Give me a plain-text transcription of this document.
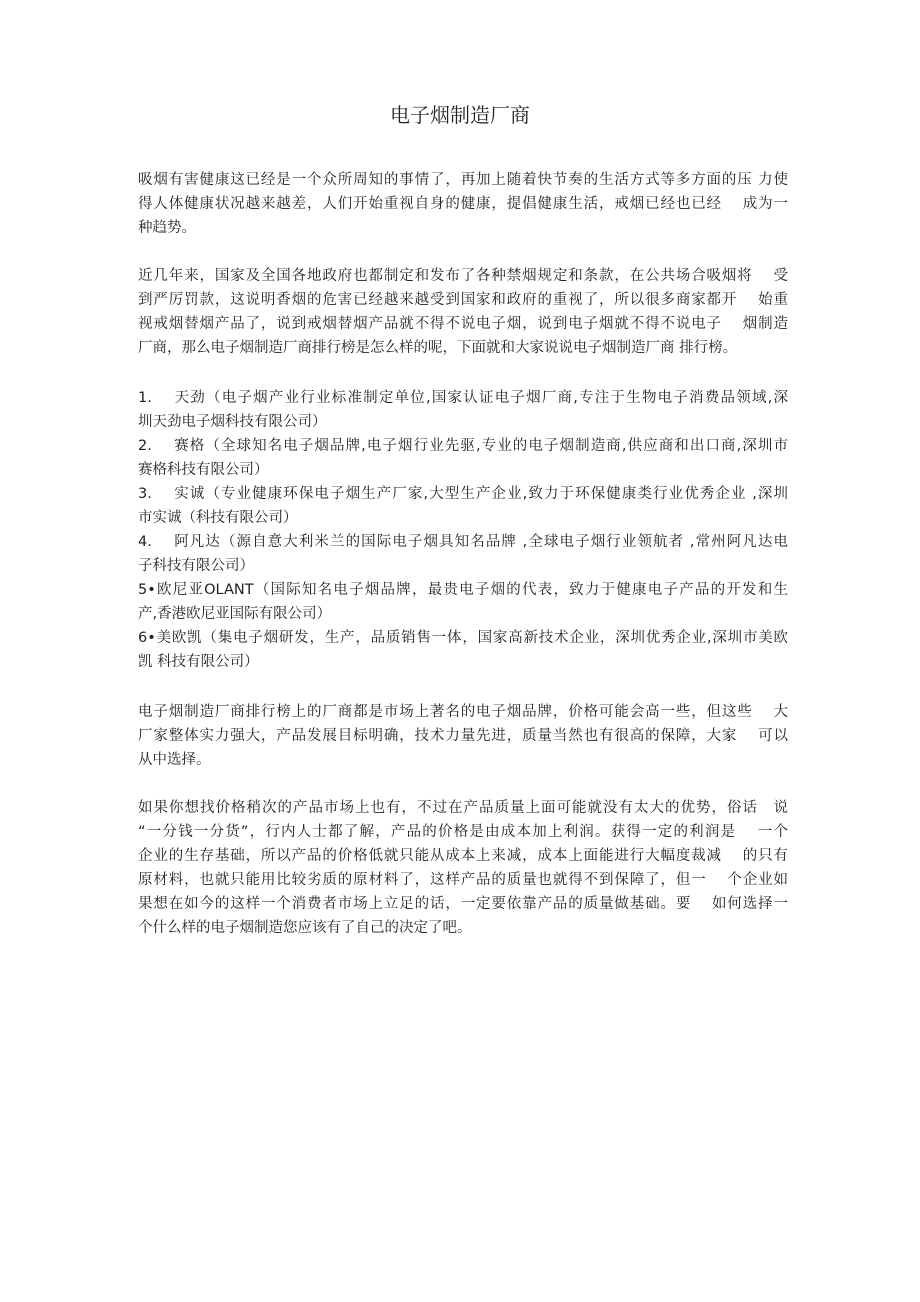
电子烟制造厂商
吸烟有害健康这已经是一个众所周知的事情了，再加上随着快节奏的生活方式等多方面的压 力使
得人体健康状况越来越差，人们开始重视自身的健康，提倡健康生活，戒烟已经也已经　 成为一
种趋势。
近几年来，国家及全国各地政府也都制定和发布了各种禁烟规定和条款，在公共场合吸烟将　 受
到严厉罚款，这说明香烟的危害已经越来越受到国家和政府的重视了，所以很多商家都开　 始重
视戒烟替烟产品了，说到戒烟替烟产品就不得不说电子烟，说到电子烟就不得不说电子　 烟制造
厂商，那么电子烟制造厂商排行榜是怎么样的呢，下面就和大家说说电子烟制造厂商 排行榜。
1.　 天劲（电子烟产业行业标准制定单位,国家认证电子烟厂商,专注于生物电子消费品领域,深
圳天劲电子烟科技有限公司）
2.　 赛格（全球知名电子烟品牌,电子烟行业先驱,专业的电子烟制造商,供应商和出口商,深圳市
赛格科技有限公司）
3.　 实诚（专业健康环保电子烟生产厂家,大型生产企业,致力于环保健康类行业优秀企业 ,深圳
市实诚（科技有限公司）
4.　 阿凡达（源自意大利米兰的国际电子烟具知名品牌 ,全球电子烟行业领航者 ,常州阿凡达电
子科技有限公司）
5•欧尼亚OLANT（国际知名电子烟品牌，最贵电子烟的代表，致力于健康电子产品的开发和生
产,香港欧尼亚国际有限公司）
6•美欧凯（集电子烟研发，生产，品质销售一体，国家高新技术企业，深圳优秀企业,深圳市美欧
凯 科技有限公司）
电子烟制造厂商排行榜上的厂商都是市场上著名的电子烟品牌，价格可能会高一些，但这些　 大
厂家整体实力强大，产品发展目标明确，技术力量先进，质量当然也有很高的保障，大家　 可以
从中选择。
如果你想找价格稍次的产品市场上也有，不过在产品质量上面可能就没有太大的优势，俗话　说
“一分钱一分货”，行内人士都了解，产品的价格是由成本加上利润。获得一定的利润是　 一个
企业的生存基础，所以产品的价格低就只能从成本上来减，成本上面能进行大幅度裁减　 的只有
原材料，也就只能用比较劣质的原材料了，这样产品的质量也就得不到保障了，但一　 个企业如
果想在如今的这样一个消费者市场上立足的话，一定要依靠产品的质量做基础。要　 如何选择一
个什么样的电子烟制造您应该有了自己的决定了吧。
